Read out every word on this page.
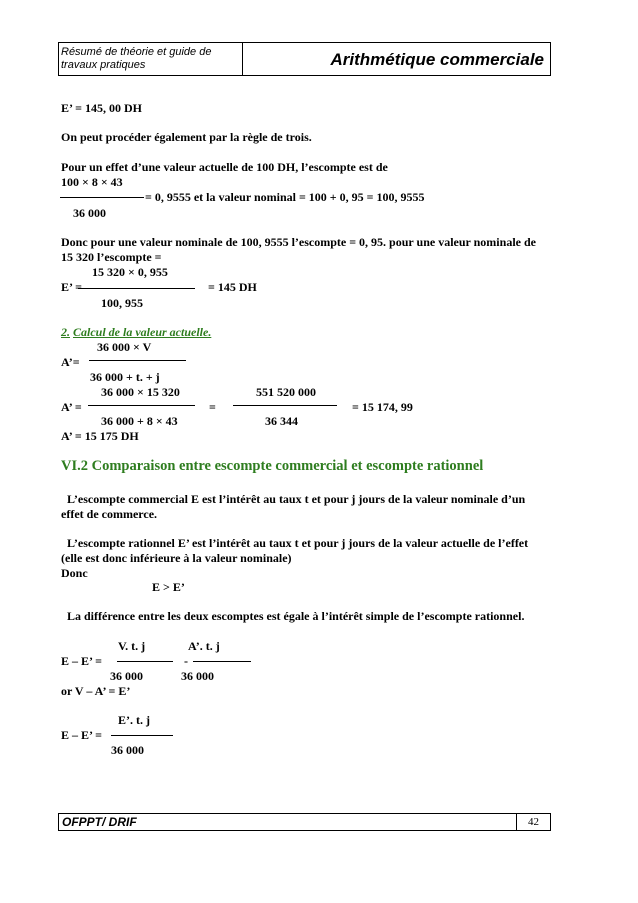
Résumé de théorie et guide de
travaux pratiques	Arithmétique commerciale
E’ = 145, 00 DH
On peut procéder également par la règle de trois.
Pour un effet d’une valeur actuelle de 100 DH, l’escompte est de
100 × 8 × 43
= 0, 9555 et la valeur nominal = 100 + 0, 95 = 100, 9555
36 000
Donc pour une valeur nominale de 100, 9555 l’escompte = 0, 95. pour une valeur nominale de
15 320 l’escompte =
15 320 × 0, 955
E’ =	= 145 DH
100, 955
2. Calcul de la valeur actuelle.
36 000 × V
A’=
36 000 + t. + j
36 000 × 15 320	551 520 000
A’ =	=	= 15 174, 99
36 000 + 8 × 43	36 344
A’ = 15 175 DH
VI.2 Comparaison entre escompte commercial et escompte rationnel
L’escompte commercial E est l’intérêt au taux t et pour j jours de la valeur nominale d’un
effet de commerce.
L’escompte rationnel E’ est l’intérêt au taux t et pour j jours de la valeur actuelle de l’effet
(elle est donc inférieure à la valeur nominale)
Donc
E > E’
La différence entre les deux escomptes est égale à l’intérêt simple de l’escompte rationnel.
V. t. j	A’. t. j
E – E’ =	-
36 000	36 000
or V – A’ = E’
E’. t. j
E – E’ =
36 000
OFPPT/ DRIF	42
